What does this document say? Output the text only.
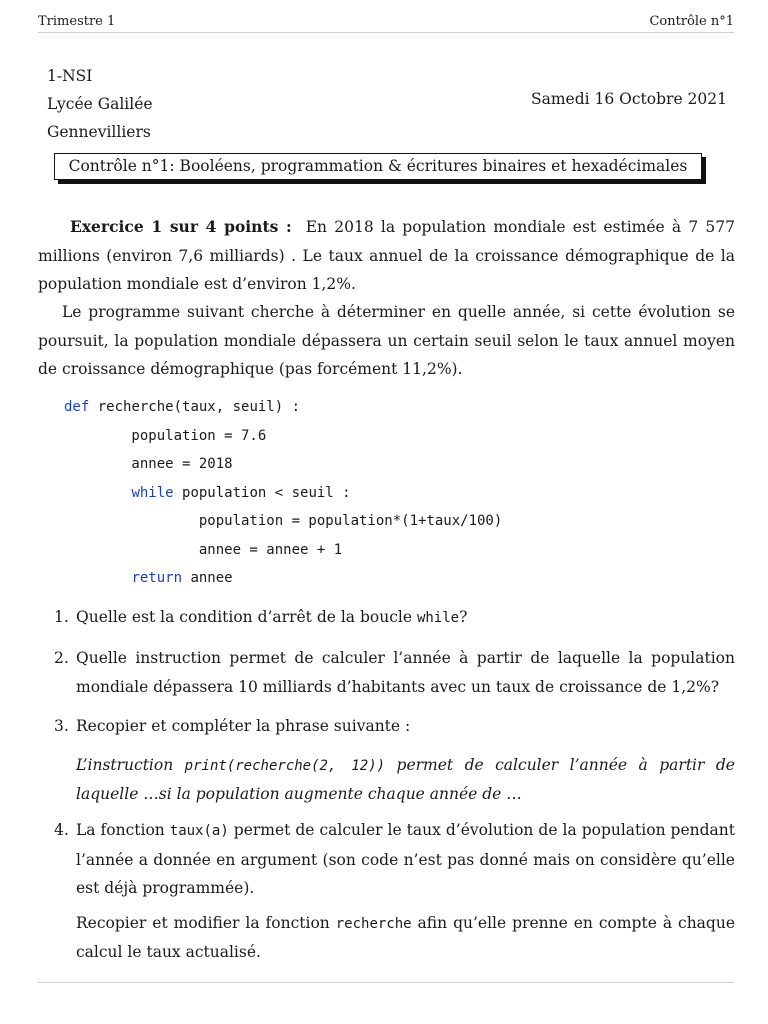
Trimestre 1	Contrôle n°1
1-NSI
Lycée Galilée
Gennevilliers
Samedi 16 Octobre 2021
Contrôle n°1: Booléens, programmation & écritures binaires et hexadécimales
Exercice 1 sur 4 points : En 2018 la population mondiale est estimée à 7 577 millions (environ 7,6 milliards) . Le taux annuel de la croissance démographique de la population mondiale est d’environ 1,2%.
Le programme suivant cherche à déterminer en quelle année, si cette évolution se poursuit, la population mondiale dépassera un certain seuil selon le taux annuel moyen de croissance démographique (pas forcément 11,2%).
def recherche(taux, seuil) :
population = 7.6
annee = 2018
while population < seuil :
population = population*(1+taux/100)
annee = annee + 1
return annee
1. Quelle est la condition d’arrêt de la boucle while?
2. Quelle instruction permet de calculer l’année à partir de laquelle la population mondiale dépassera 10 milliards d’habitants avec un taux de croissance de 1,2%?
3. Recopier et compléter la phrase suivante :
L’instruction print(recherche(2, 12)) permet de calculer l’année à partir de laquelle …si la population augmente chaque année de …
4. La fonction taux(a) permet de calculer le taux d’évolution de la population pendant l’année a donnée en argument (son code n’est pas donné mais on considère qu’elle est déjà programmée).
Recopier et modifier la fonction recherche afin qu’elle prenne en compte à chaque calcul le taux actualisé.
